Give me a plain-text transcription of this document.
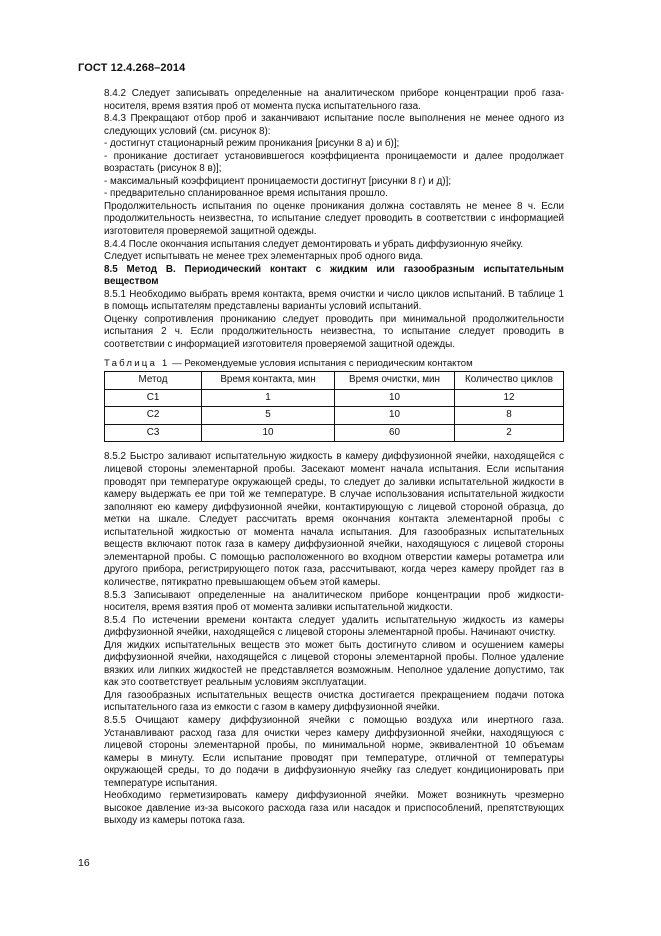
ГОСТ 12.4.268–2014

8.4.2 Следует записывать определенные на аналитическом приборе концентрации проб газа-носителя, время взятия проб от момента пуска испытательного газа.

8.4.3 Прекращают отбор проб и заканчивают испытание после выполнения не менее одного из следующих условий (см. рисунок 8):

- достигнут стационарный режим проникания [рисунки 8 а) и б)];

- проникание достигает установившегося коэффициента проницаемости и далее продолжает возрастать (рисунок 8 в)];

- максимальный коэффициент проницаемости достигнут [рисунки 8 г) и д)];

- предварительно спланированное время испытания прошло.

Продолжительность испытания по оценке проникания должна составлять не менее 8 ч. Если продолжительность неизвестна, то испытание следует проводить в соответствии с информацией изготовителя проверяемой защитной одежды.

8.4.4 После окончания испытания следует демонтировать и убрать диффузионную ячейку.

Следует испытывать не менее трех элементарных проб одного вида.

8.5 Метод В. Периодический контакт с жидким или газообразным испытательным веществом

8.5.1 Необходимо выбрать время контакта, время очистки и число циклов испытаний. В таблице 1 в помощь испытателям представлены варианты условий испытаний.

Оценку сопротивления прониканию следует проводить при минимальной продолжительности испытания 2 ч. Если продолжительность неизвестна, то испытание следует проводить в соответствии с информацией изготовителя проверяемой защитной одежды.

Таблица 1 — Рекомендуемые условия испытания с периодическим контактом
Метод	Время контакта, мин	Время очистки, мин	Количество циклов
С1	1	10	12
С2	5	10	8
С3	10	60	2

8.5.2 Быстро заливают испытательную жидкость в камеру диффузионной ячейки, находящейся с лицевой стороны элементарной пробы. Засекают момент начала испытания. Если испытания проводят при температуре окружающей среды, то следует до заливки испытательной жидкости в камеру выдержать ее при той же температуре. В случае использования испытательной жидкости заполняют ею камеру диффузионной ячейки, контактирующую с лицевой стороной образца, до метки на шкале. Следует рассчитать время окончания контакта элементарной пробы с испытательной жидкостью от момента начала испытания. Для газообразных испытательных веществ включают поток газа в камеру диффузионной ячейки, находящуюся с лицевой стороны элементарной пробы. С помощью расположенного во входном отверстии камеры ротаметра или другого прибора, регистрирующего поток газа, рассчитывают, когда через камеру пройдет газ в количестве, пятикратно превышающем объем этой камеры.

8.5.3 Записывают определенные на аналитическом приборе концентрации проб жидкости-носителя, время взятия проб от момента заливки испытательной жидкости.

8.5.4 По истечении времени контакта следует удалить испытательную жидкость из камеры диффузионной ячейки, находящейся с лицевой стороны элементарной пробы. Начинают очистку.

Для жидких испытательных веществ это может быть достигнуто сливом и осушением камеры диффузионной ячейки, находящейся с лицевой стороны элементарной пробы. Полное удаление вязких или липких жидкостей не представляется возможным. Неполное удаление допустимо, так как это соответствует реальным условиям эксплуатации.

Для газообразных испытательных веществ очистка достигается прекращением подачи потока испытательного газа из емкости с газом в камеру диффузионной ячейки.

8.5.5 Очищают камеру диффузионной ячейки с помощью воздуха или инертного газа. Устанавливают расход газа для очистки через камеру диффузионной ячейки, находящуюся с лицевой стороны элементарной пробы, по минимальной норме, эквивалентной 10 объемам камеры в минуту. Если испытание проводят при температуре, отличной от температуры окружающей среды, то до подачи в диффузионную ячейку газ следует кондиционировать при температуре испытания.

Необходимо герметизировать камеру диффузионной ячейки. Может возникнуть чрезмерно высокое давление из-за высокого расхода газа или насадок и приспособлений, препятствующих выходу из камеры потока газа.

16
